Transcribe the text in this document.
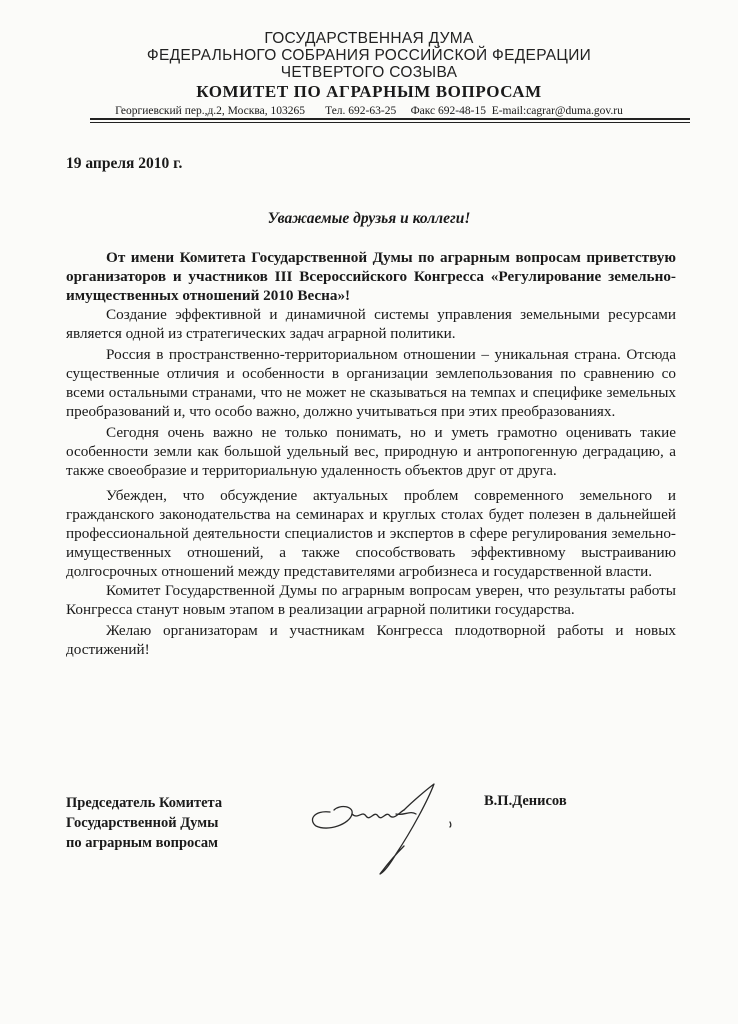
ГОСУДАРСТВЕННАЯ ДУМА
ФЕДЕРАЛЬНОГО СОБРАНИЯ РОССИЙСКОЙ ФЕДЕРАЦИИ
ЧЕТВЕРТОГО СОЗЫВА
КОМИТЕТ ПО АГРАРНЫМ ВОПРОСАМ
Георгиевский пер.,д.2, Москва, 103265       Тел. 692-63-25     Факс 692-48-15  E-mail:cagrar@duma.gov.ru
19 апреля 2010 г.
Уважаемые друзья и коллеги!

От имени Комитета Государственной Думы по аграрным вопросам приветствую организаторов и участников III Всероссийского Конгресса «Регулирование земельно-имущественных отношений 2010 Весна»!

Создание эффективной и динамичной системы управления земельными ресурсами является одной из стратегических задач аграрной политики.

Россия в пространственно-территориальном отношении – уникальная страна. Отсюда существенные отличия и особенности в организации землепользования по сравнению со всеми остальными странами, что не может не сказываться на темпах и специфике земельных преобразований и, что особо важно, должно учитываться при этих преобразованиях.

Сегодня очень важно не только понимать, но и уметь грамотно оценивать такие особенности земли как большой удельный вес, природную и антропогенную деградацию, а также своеобразие и территориальную удаленность объектов друг от друга.

Убежден, что обсуждение актуальных проблем современного земельного и гражданского законодательства на семинарах и круглых столах будет полезен в дальнейшей профессиональной деятельности специалистов и экспертов в сфере регулирования земельно-имущественных отношений, а также способствовать эффективному выстраиванию долгосрочных отношений между представителями агробизнеса и государственной власти.

Комитет Государственной Думы по аграрным вопросам уверен, что результаты работы Конгресса станут новым этапом в реализации аграрной политики государства.

Желаю организаторам и участникам Конгресса плодотворной работы и новых достижений!

Председатель Комитета
Государственной Думы
по аграрным вопросам
В.П.Денисов
